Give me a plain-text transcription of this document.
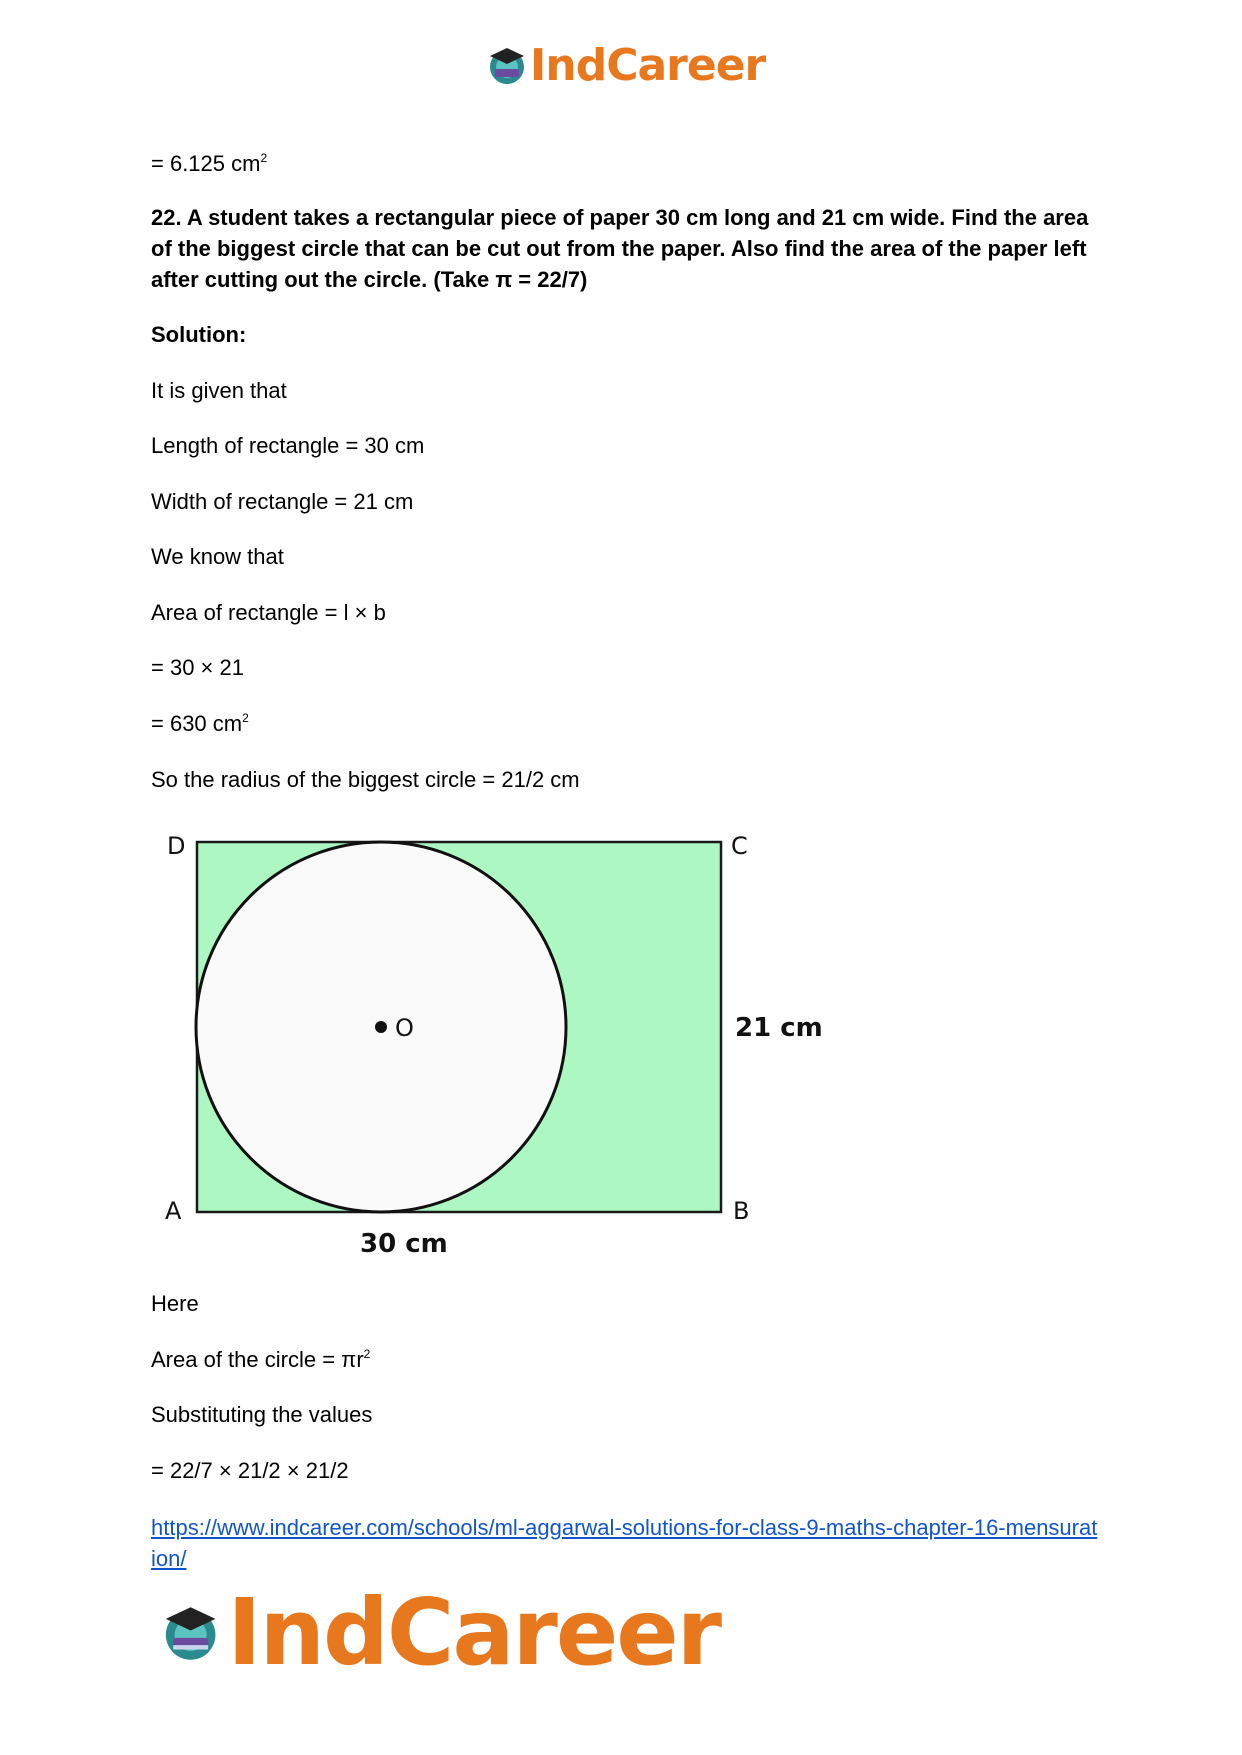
IndCareer
= 6.125 $cm^2$
22. A student takes a rectangular piece of paper 30 cm long and 21 cm wide. Find the area of the biggest circle that can be cut out from the paper. Also find the area of the paper left after cutting out the circle. (Take π = 22/7)
Solution:
It is given that
Length of rectangle = 30 cm
Width of rectangle = 21 cm
We know that
Area of rectangle = l × b
= 30 × 21
= 630 $cm^2$
So the radius of the biggest circle = 21/2 cm
Here
Area of the circle = $\pi r^2$
Substituting the values
= 22/7 × 21/2 × 21/2
O
D	C
A	B
21 cm
30 cm
https://www.indcareer.com/schools/ml-aggarwal-solutions-for-class-9-maths-chapter-16-mensuration/
IndCareer
